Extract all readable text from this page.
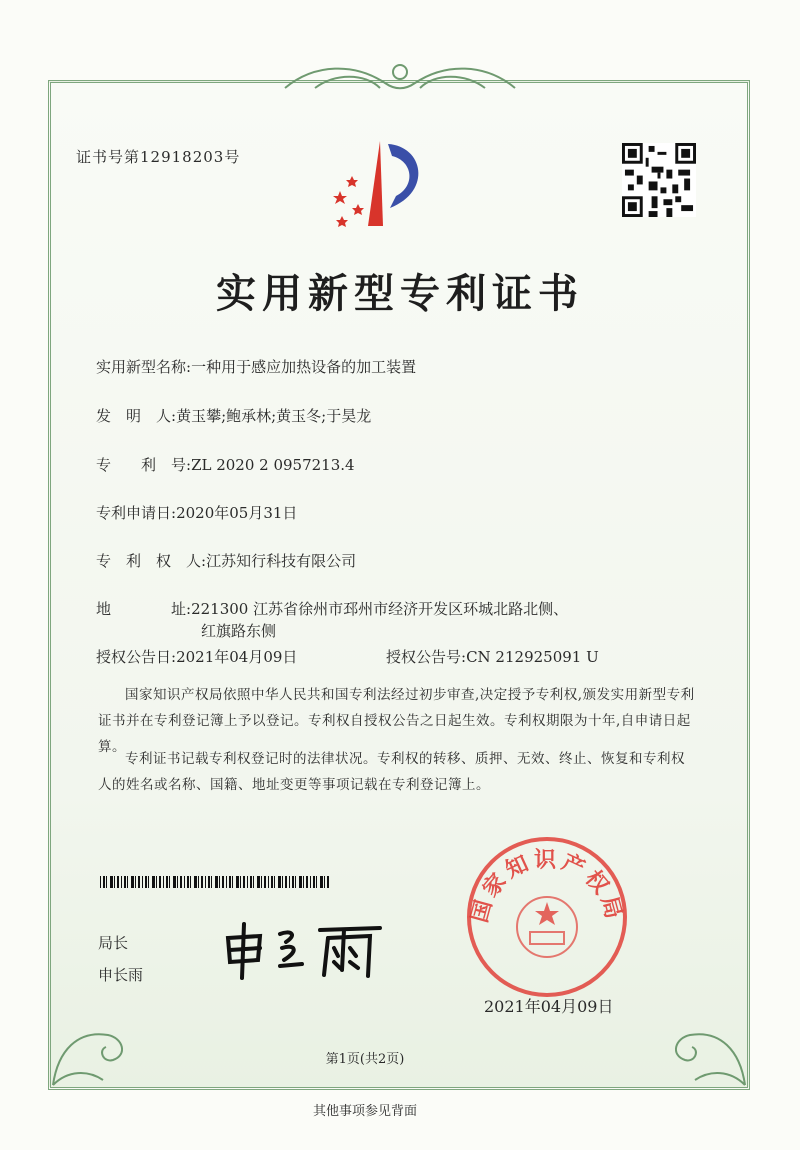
证书号第12918203号
实用新型专利证书
实用新型名称:一种用于感应加热设备的加工装置
发　明　人:黄玉攀;鲍承林;黄玉冬;于昊龙
专　　利　号:ZL 2020 2 0957213.4
专利申请日:2020年05月31日
专　利　权　人:江苏知行科技有限公司
地　　　　址:221300 江苏省徐州市邳州市经济开发区环城北路北侧、
红旗路东侧
授权公告日:2021年04月09日	授权公告号:CN 212925091 U
国家知识产权局依照中华人民共和国专利法经过初步审查,决定授予专利权,颁发实用新型专利证书并在专利登记簿上予以登记。专利权自授权公告之日起生效。专利权期限为十年,自申请日起算。
专利证书记载专利权登记时的法律状况。专利权的转移、质押、无效、终止、恢复和专利权人的姓名或名称、国籍、地址变更等事项记载在专利登记簿上。
局长
申长雨
国家知识产权局
2021年04月09日
第1页(共2页)
其他事项参见背面
